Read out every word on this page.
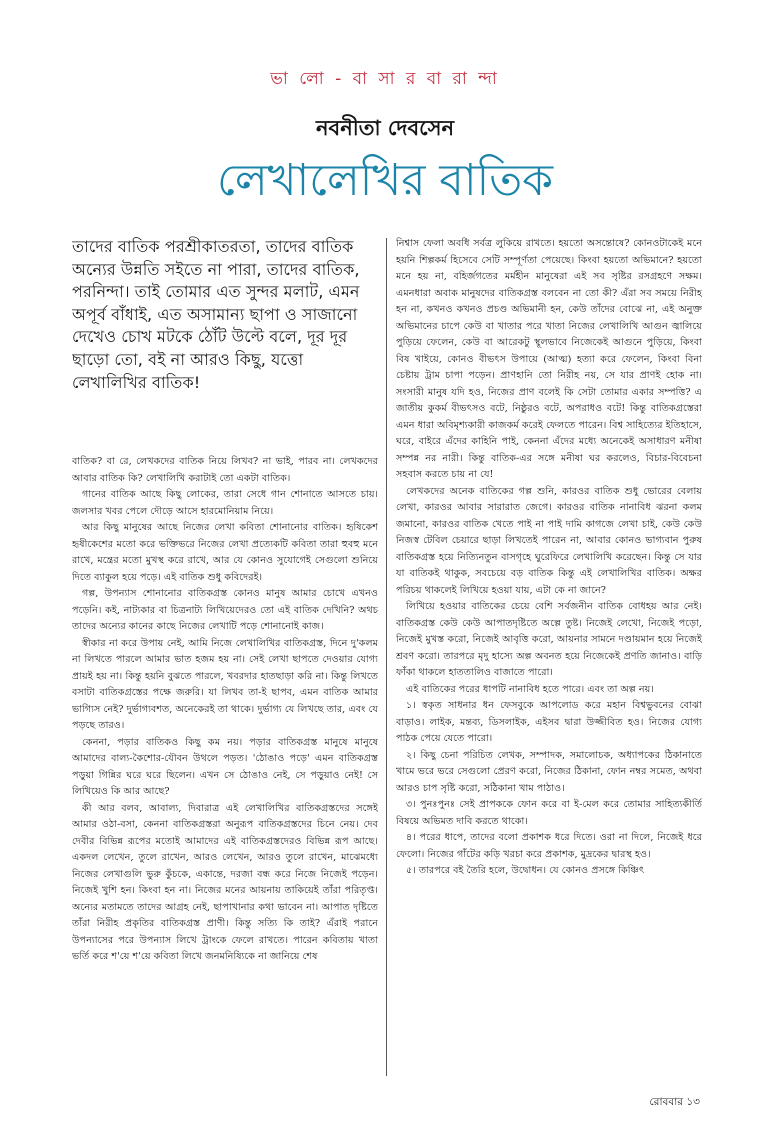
ভা লো - বা সা র বা রা ন্দা
নবনীতা দেবসেন
লেখালেখির বাতিক
তাদের বাতিক পরশ্রীকাতরতা, তাদের বাতিক অন্যের উন্নতি সইতে না পারা, তাদের বাতিক, পরনিন্দা। তাই তোমার এত সুন্দর মলাট, এমন অপূর্ব বাঁধাই, এত অসামান্য ছাপা ও সাজানো দেখেও চোখ মটকে ঠোঁট উল্টে বলে, দূর দূর ছাড়ো তো, বই না আরও কিছু, যত্তো লেখালিখির বাতিক!

বাতিক? বা রে, লেখকদের বাতিক নিয়ে লিখব? না ভাই, পারব না। লেখকদের আবার বাতিক কি? লেখালিখি করাটাই তো একটা বাতিক।

গানের বাতিক আছে কিছু লোকের, তারা সেধে গান শোনাতে আসতে চায়। জলসার খবর পেলে দৌড়ে আসে হারমোনিয়াম নিয়ে।

আর কিছু মানুষের আছে নিজের লেখা কবিতা শোনানোর বাতিক। হৃষিকেশ হৃষীকেশের মতো করে ভক্তিভরে নিজের লেখা প্রত্যেকটি কবিতা তারা হুবহু মনে রাখে, মন্ত্রের মতো মুখস্থ করে রাখে, আর যে কোনও সুযোগেই সেগুলো শুনিয়ে দিতে ব্যাকুল হয়ে পড়ে। এই বাতিক শুধু কবিদেরই।

গল্প, উপন্যাস শোনানোর বাতিকগ্রস্ত কোনও মানুষ আমার চোখে এখনও পড়েনি। কই, নাট্যকার বা চিত্রনাট্য লিখিয়েদেরও তো এই বাতিক দেখিনি? অথচ তাদের অন্যের কানের কাছে নিজের লেখাটি পড়ে শোনানোই কাজ।

স্বীকার না করে উপায় নেই, আমি নিজে লেখালিখির বাতিকগ্রস্ত, দিনে দু'কলম না লিখতে পারলে আমার ভাত হজম হয় না। সেই লেখা ছাপতে দেওয়ার যোগ্য প্রায়ই হয় না। কিন্তু হয়নি বুঝতে পারলে, খবরদার হাতছাড়া করি না। কিন্তু লিখতে বসাটা বাতিকগ্রস্তের পক্ষে জরুরি। যা লিখব তা-ই ছাপব, এমন বাতিক আমার ভাগ্যিস নেই? দুর্ভাগ্যবশত, অনেকেরই তা থাকে। দুর্ভাগ্য যে লিখছে তার, এবং যে পড়ছে তারও।

কেননা, পড়ার বাতিকও কিছু কম নয়। পড়ার বাতিকগ্রস্ত মানুষে মানুষে আমাদের বাল্য-কৈশোর-যৌবন উথলে পড়ত। 'ঠোঙাও পড়ে' এমন বাতিকগ্রস্ত পড়ুয়া গিন্নির ঘরে ঘরে ছিলেন। এখন সে ঠোঙাও নেই, সে পড়ুয়াও নেই! সে লিখিয়েও কি আর আছে?

কী আর বলব, আবাল্য, দিবারাত্র এই লেখালিখির বাতিকগ্রস্তদের সঙ্গেই আমার ওঠা-বসা, কেননা বাতিকগ্রস্তরা অনুরূপ বাতিকগ্রস্তদের চিনে নেয়। দেব দেবীর বিভিন্ন রূপের মতোই আমাদের এই বাতিকগ্রস্তদেরও বিভিন্ন রূপ আছে। একদল লেখেন, তুলে রাখেন, আরও লেখেন, আরও তুলে রাখেন, মাঝেমধ্যে নিজের লেখাগুলি ভুরু কুঁচকে, একান্তে, দরজা বন্ধ করে নিজে নিজেই পড়েন। নিজেই খুশি হন। কিংবা হন না। নিজের মনের আয়নায় তাকিয়েই তাঁরা পরিতৃপ্ত। অন্যের মতামতে তাদের আগ্রহ নেই, ছাপাখানার কথা ভাবেন না। আপাত দৃষ্টিতে তাঁরা নিরীহ প্রকৃতির বাতিকগ্রস্ত প্রাণী। কিন্তু সত্যি কি তাই? এঁরাই পরানে উপন্যাসের পরে উপন্যাস লিখে ট্রাংকে ফেলে রাখতে। পারেন কবিতায় খাতা ভর্তি করে শ'য়ে শ'য়ে কবিতা লিখে জনমনিষ্যিকে না জানিয়ে শেষ

নিশ্বাস ফেলা অবধি সর্বত্র লুকিয়ে রাখতে। হয়তো অসন্তোষে? কোনওটাকেই মনে হয়নি শিল্পকর্ম হিসেবে সেটি সম্পূর্ণতা পেয়েছে। কিংবা হয়তো অভিমানে? হয়তো মনে হয় না, বহির্জগতের মর্মহীন মানুষেরা এই সব সৃষ্টির রসগ্রহণে সক্ষম। এমনধারা অবাক মানুষদের বাতিকগ্রস্ত বলবেন না তো কী? এঁরা সব সময়ে নিরীহ হন না, কখনও কখনও প্রচণ্ড অভিমানী হন, কেউ তাঁদের বোঝে না, এই অনুক্ত অভিমানের চাপে কেউ বা খাতার পরে খাতা নিজের লেখালিখি আগুন জ্বালিয়ে পুড়িয়ে ফেলেন, কেউ বা আরেকটু স্থূলভাবে নিজেকেই আগুনে পুড়িয়ে, কিংবা বিষ খাইয়ে, কোনও বীভৎস উপায়ে (আত্ম) হত্যা করে ফেলেন, কিংবা বিনা চেষ্টায় ট্রাম চাপা পড়েন। প্রাণহানি তো নিরীহ নয়, সে যার প্রাণই হোক না। সংসারী মানুষ যদি হও, নিজের প্রাণ বলেই কি সেটা তোমার একার সম্পত্তি? এ জাতীয় কুকর্ম বীভৎসও বটে, নিষ্ঠুরও বটে, অপরাধও বটে! কিন্তু বাতিকগ্রস্তেরা এমন ধারা অবিমৃশ্যকারী কাজকর্ম করেই ফেলতে পারেন। বিশ্ব সাহিত্যের ইতিহাসে, ঘরে, বাইরে এঁদের কাহিনি পাই, কেননা এঁদের মধ্যে অনেকেই অসাধারণ মনীষা সম্পন্ন নর নারী। কিন্তু বাতিক-এর সঙ্গে মনীষা ঘর করলেও, বিচার-বিবেচনা সহবাস করতে চায় না যে!

লেখকদের অনেক বাতিকের গল্প শুনি, কারওর বাতিক শুধু ভোরের বেলায় লেখা, কারওর আবার সারারাত জেগে। কারওর বাতিক নানাবিধ ঝরনা কলম জমানো, কারওর বাতিক খেতে পাই না পাই দামি কাগজে লেখা চাই, কেউ কেউ নিজস্ব টেবিল চেয়ারে ছাড়া লিখতেই পারেন না, আবার কোনও ভাগ্যবান পুরুষ বাতিকগ্রস্ত হয়ে নিত্যিনতুন বাসগৃহে ঘুরেফিরে লেখালিখি করেছেন। কিন্তু সে যার যা বাতিকই থাকুক, সবচেয়ে বড় বাতিক কিন্তু এই লেখালিখির বাতিক। অক্ষর পরিচয় থাকলেই লিখিয়ে হওয়া যায়, এটা কে না জানে?

লিখিয়ে হওয়ার বাতিকের চেয়ে বেশি সর্বজনীন বাতিক বোধহয় আর নেই। বাতিকগ্রস্ত কেউ কেউ আপাতদৃষ্টিতে অল্পে তুষ্ট। নিজেই লেখো, নিজেই পড়ো, নিজেই মুখস্ত করো, নিজেই আবৃত্তি করো, আয়নার সামনে দণ্ডায়মান হয়ে নিজেই শ্রবণ করো। তারপরে মৃদু হাস্যে অল্প অবনত হয়ে নিজেকেই প্রণতি জানাও। বাড়ি ফাঁকা থাকলে হাততালিও বাজাতে পারো।

এই বাতিকের পরের ধাপটি নানাবিধ হতে পারে। এবং তা অল্প নয়।

১। স্বকৃত সাধনার ধন ফেসবুকে আপলোড করে মহান বিশ্বভুবনের বোঝা বাড়াও। লাইক, মন্তব্য, ডিসলাইক, এইসব দ্বারা উজ্জীবিত হও। নিজের যোগ্য পাঠক পেয়ে যেতে পারো।

২। কিছু চেনা পরিচিত লেখক, সম্পাদক, সমালোচক, অধ্যাপকের ঠিকানাতে খামে ভরে ভরে সেগুলো প্রেরণ করো, নিজের ঠিকানা, ফোন নম্বর সমেত, অথবা আরও চাপ সৃষ্টি করো, সঠিকানা খাম পাঠাও।

৩। পুনঃপুনঃ সেই প্রাপককে ফোন করে বা ই-মেল করে তোমার সাহিত্যকীর্তি বিষয়ে অভিমত দাবি করতে থাকো।

৪। পরের ধাপে, তাদের বলো প্রকাশক ধরে দিতে। ওরা না দিলে, নিজেই ধরে ফেলো। নিজের গাঁটের কড়ি খরচা করে প্রকাশক, মুদ্রকের দ্বারস্থ হও।

৫। তারপরে বই তৈরি হলে, উদ্বোধন। যে কোনও প্রসঙ্গে কিঞ্চিৎ

রোববার ১৩
